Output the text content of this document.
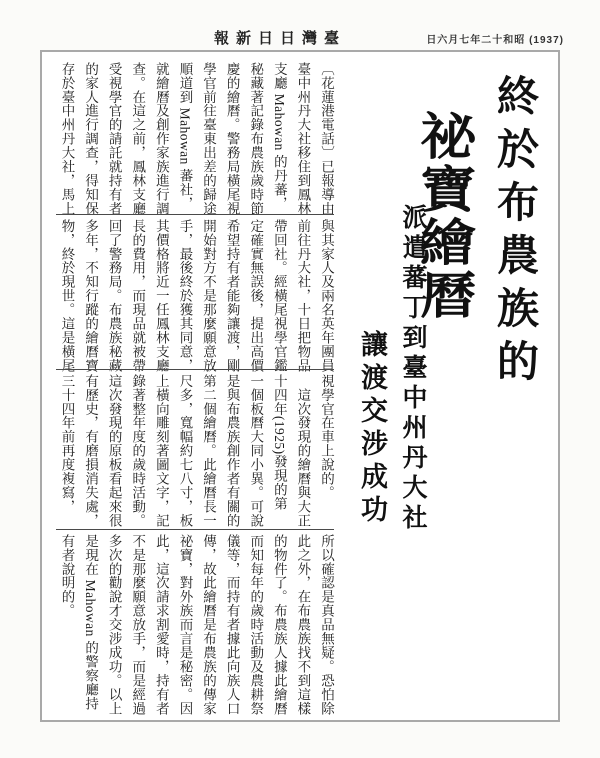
報新日日灣臺	日六月七年二十和昭 (1937)
終於布農族的
祕寶繪曆
派遣蕃丁到臺中州丹大社
讓渡交涉成功
〔花蓮港電話〕已報導由
臺中州丹大社移住到鳳林
支廳 Mahowan 的丹蕃，
秘藏著記錄布農族歲時節
慶的繪曆。警務局橫尾視
學官前往臺東出差的歸途
順道到 Mahowan 蕃社，
就繪曆及創作家族進行調
查。在這之前，鳳林支廳
受視學官的請託就持有者
的家人進行調查，得知保
存於臺中州丹大社，馬上
與其家人及兩名英年團員
前往丹大社，十日把物品
帶回社。經橫尾視學官鑑
定確實無誤後，提出高價
希望持有者能夠讓渡，剛
開始對方不是那麼願意放
手，最後終於獲其同意，
其價格將近一任鳳林支廳
長的費用，而現品就被帶
回了警務局。布農族秘藏
多年，不知行蹤的繪曆寶
物，終於現世。這是橫尾
視學官在車上說的。
　這次發現的繪曆與大正
十四年(1925)發現的第
一個板曆大同小異。可說
是與布農族創作者有關的
第二個繪曆。此繪曆長一
尺多，寬幅約七八寸，板
上橫向雕刻著圖文字，記
錄著整年度的歲時活動。
這次發現的原板看起來很
有歷史，有磨損消失處，
三十四年前再度複寫，
所以確認是真品無疑。恐怕除
此之外，在布農族找不到這樣
的物件了。布農族人據此繪曆
而知每年的歲時活動及農耕祭
儀等，而持有者據此向族人口
傳，故此繪曆是布農族的傳家
祕寶，對外族而言是秘密。因
此，這次請求割愛時，持有者
不是那麼願意放手，而是經過
多次的勸說才交涉成功。以上
是現在 Mahowan 的警察廳持
有者說明的。
